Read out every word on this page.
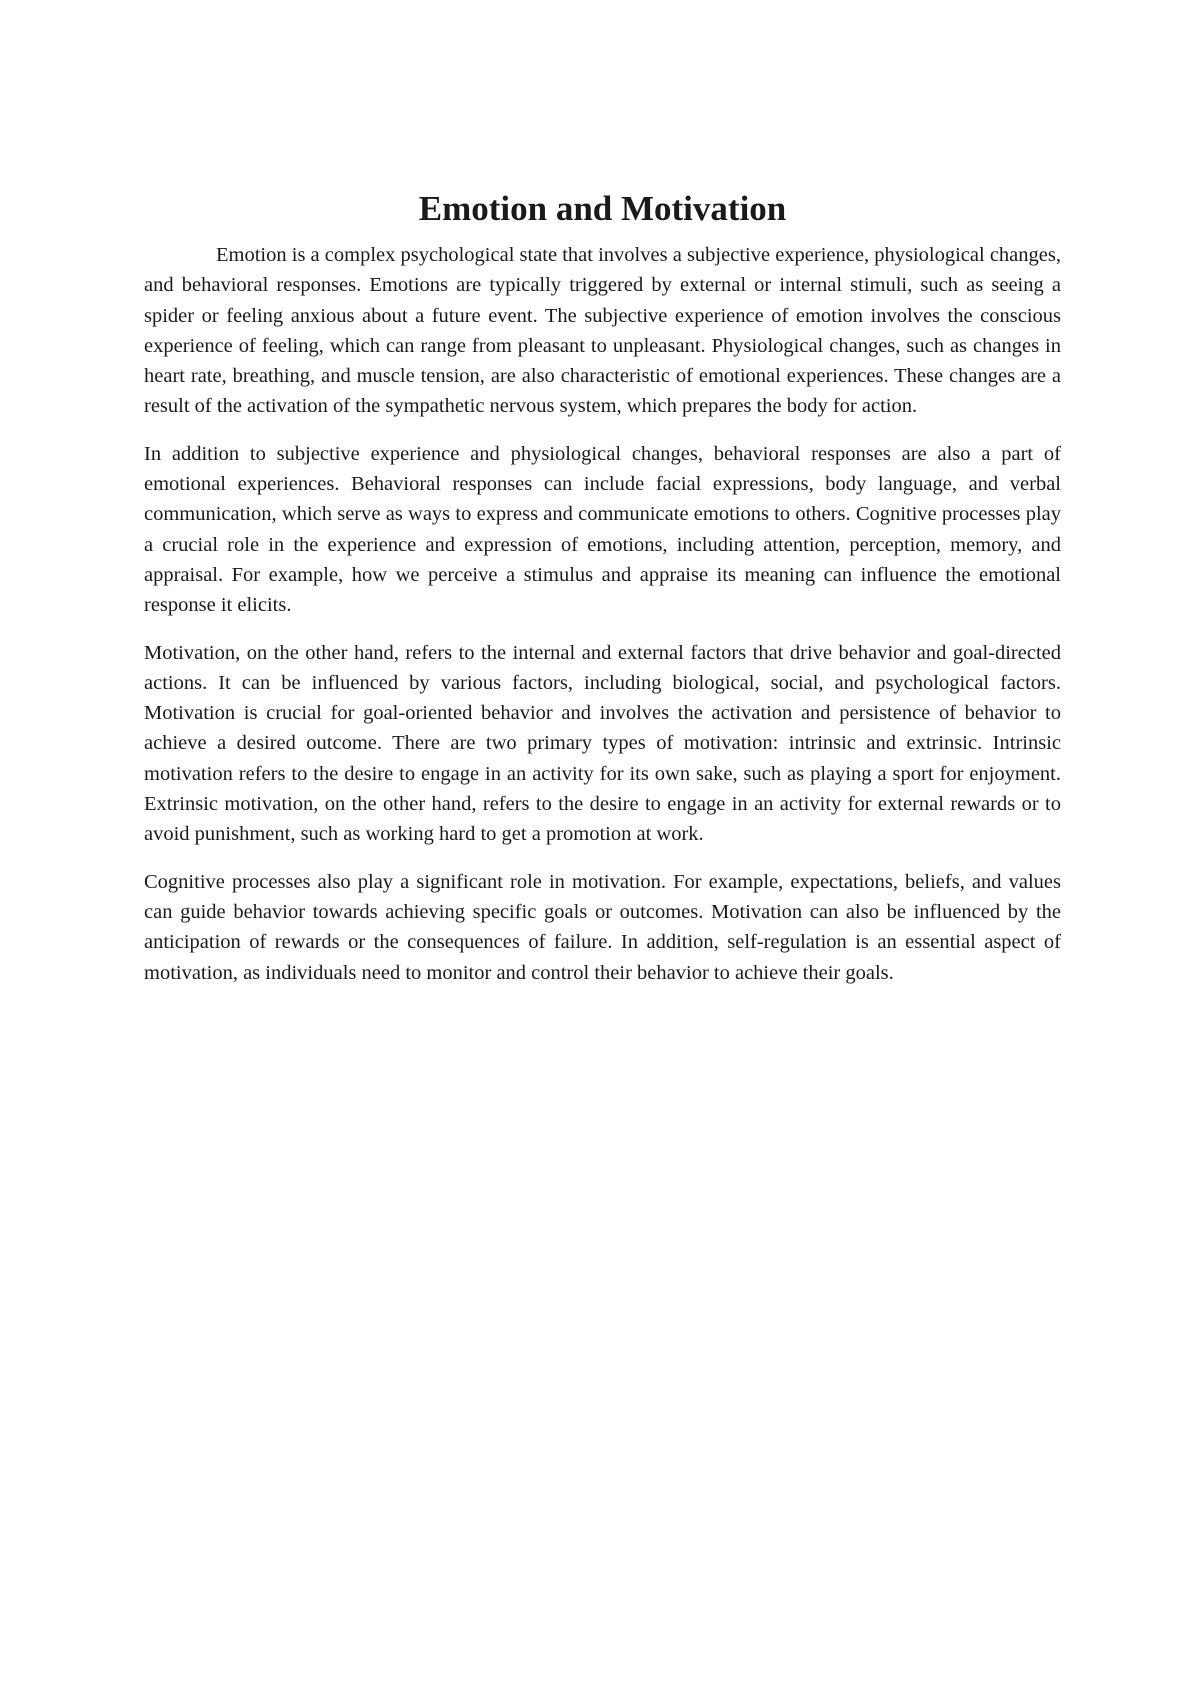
Emotion and Motivation

Emotion is a complex psychological state that involves a subjective experience, physiological changes, and behavioral responses. Emotions are typically triggered by external or internal stimuli, such as seeing a spider or feeling anxious about a future event. The subjective experience of emotion involves the conscious experience of feeling, which can range from pleasant to unpleasant. Physiological changes, such as changes in heart rate, breathing, and muscle tension, are also characteristic of emotional experiences. These changes are a result of the activation of the sympathetic nervous system, which prepares the body for action.

In addition to subjective experience and physiological changes, behavioral responses are also a part of emotional experiences. Behavioral responses can include facial expressions, body language, and verbal communication, which serve as ways to express and communicate emotions to others. Cognitive processes play a crucial role in the experience and expression of emotions, including attention, perception, memory, and appraisal. For example, how we perceive a stimulus and appraise its meaning can influence the emotional response it elicits.

Motivation, on the other hand, refers to the internal and external factors that drive behavior and goal-directed actions. It can be influenced by various factors, including biological, social, and psychological factors. Motivation is crucial for goal-oriented behavior and involves the activation and persistence of behavior to achieve a desired outcome. There are two primary types of motivation: intrinsic and extrinsic. Intrinsic motivation refers to the desire to engage in an activity for its own sake, such as playing a sport for enjoyment. Extrinsic motivation, on the other hand, refers to the desire to engage in an activity for external rewards or to avoid punishment, such as working hard to get a promotion at work.

Cognitive processes also play a significant role in motivation. For example, expectations, beliefs, and values can guide behavior towards achieving specific goals or outcomes. Motivation can also be influenced by the anticipation of rewards or the consequences of failure. In addition, self-regulation is an essential aspect of motivation, as individuals need to monitor and control their behavior to achieve their goals.
